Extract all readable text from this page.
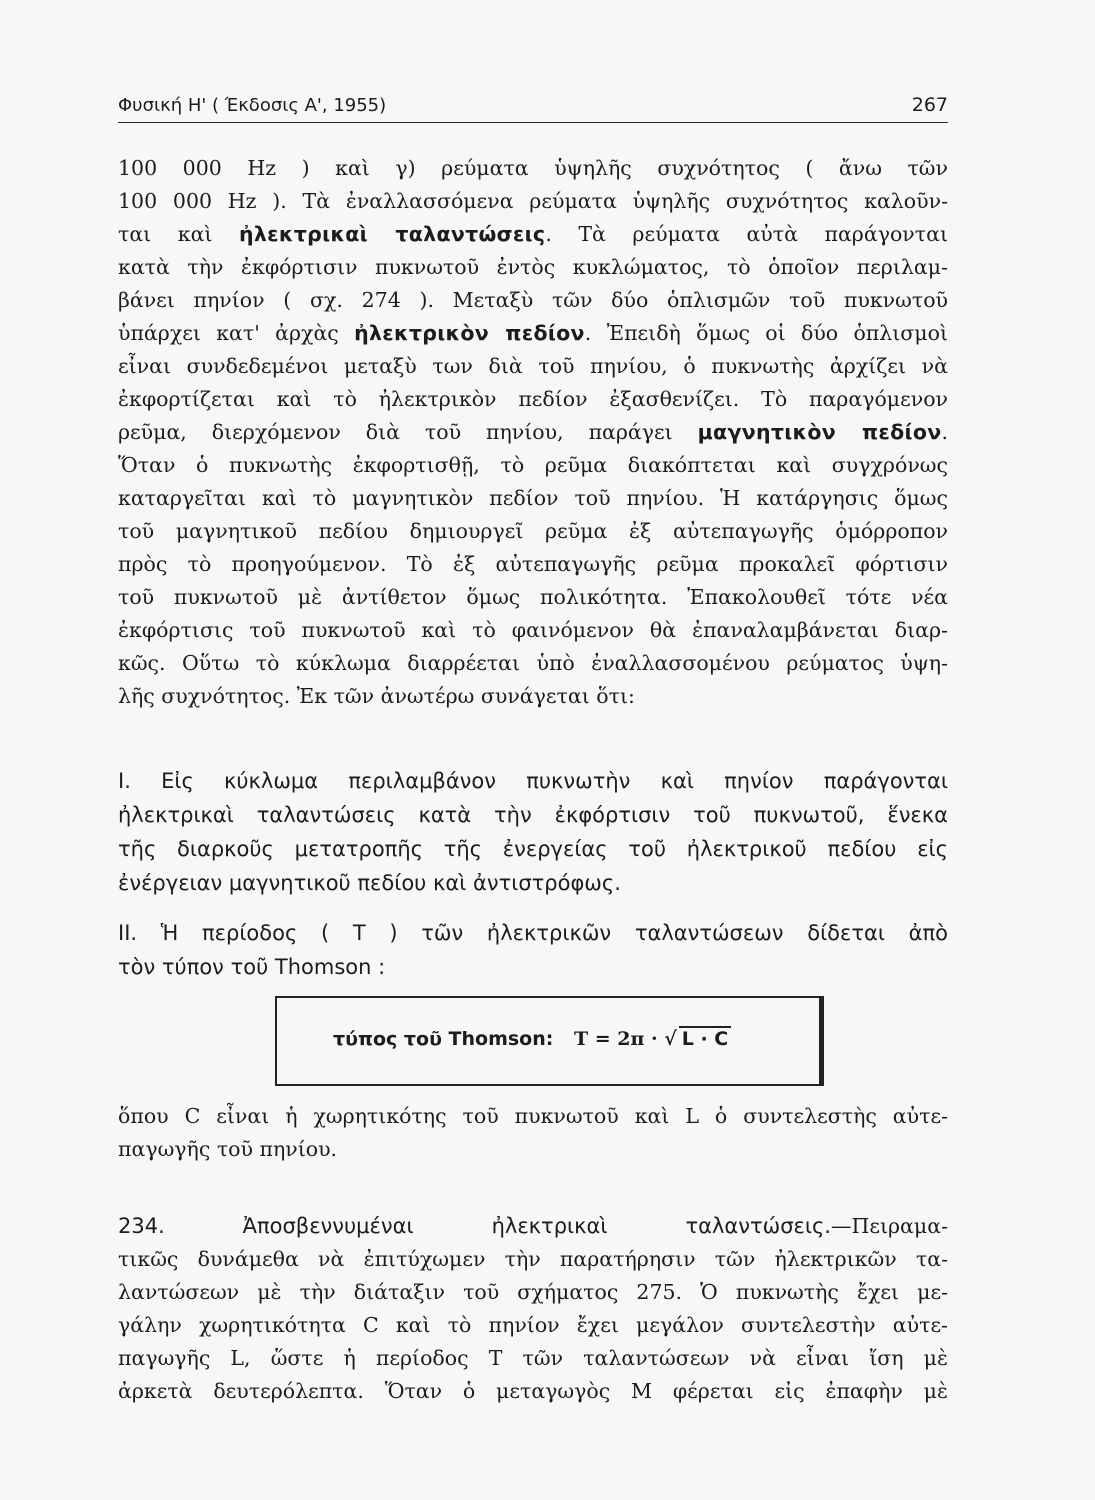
Φυσική Η' ( Έκδοσις Α', 1955)	267
100 000 Hz ) καὶ γ) ρεύματα ὑψηλῆς συχνότητος ( ἄνω τῶν
100 000 Hz ). Τὰ ἐναλλασσόμενα ρεύματα ὑψηλῆς συχνότητος καλοῦν-
ται καὶ ἠλεκτρικαὶ ταλαντώσεις. Τὰ ρεύματα αὐτὰ παράγονται
κατὰ τὴν ἐκφόρτισιν πυκνωτοῦ ἐντὸς κυκλώματος, τὸ ὁποῖον περιλαμ-
βάνει πηνίον ( σχ. 274 ). Μεταξὺ τῶν δύο ὁπλισμῶν τοῦ πυκνωτοῦ
ὑπάρχει κατ' ἀρχὰς ἠλεκτρικὸν πεδίον. Ἐπειδὴ ὅμως οἱ δύο ὁπλισμοὶ
εἶναι συνδεδεμένοι μεταξὺ των διὰ τοῦ πηνίου, ὁ πυκνωτὴς ἀρχίζει νὰ
ἐκφορτίζεται καὶ τὸ ἠλεκτρικὸν πεδίον ἐξασθενίζει. Τὸ παραγόμενον
ρεῦμα, διερχόμενον διὰ τοῦ πηνίου, παράγει μαγνητικὸν πεδίον.
Ὅταν ὁ πυκνωτὴς ἐκφορτισθῇ, τὸ ρεῦμα διακόπτεται καὶ συγχρόνως
καταργεῖται καὶ τὸ μαγνητικὸν πεδίον τοῦ πηνίου. Ἡ κατάργησις ὅμως
τοῦ μαγνητικοῦ πεδίου δημιουργεῖ ρεῦμα ἐξ αὐτεπαγωγῆς ὁμόρροπον
πρὸς τὸ προηγούμενον. Τὸ ἐξ αὐτεπαγωγῆς ρεῦμα προκαλεῖ φόρτισιν
τοῦ πυκνωτοῦ μὲ ἀντίθετον ὅμως πολικότητα. Ἐπακολουθεῖ τότε νέα
ἐκφόρτισις τοῦ πυκνωτοῦ καὶ τὸ φαινόμενον θὰ ἐπαναλαμβάνεται διαρ-
κῶς. Οὕτω τὸ κύκλωμα διαρρέεται ὑπὸ ἐναλλασσομένου ρεύματος ὑψη-
λῆς συχνότητος. Ἐκ τῶν ἀνωτέρω συνάγεται ὅτι:
I. Εἰς κύκλωμα περιλαμβάνον πυκνωτὴν καὶ πηνίον παράγονται
ἠλεκτρικαὶ ταλαντώσεις κατὰ τὴν ἐκφόρτισιν τοῦ πυκνωτοῦ, ἕνεκα
τῆς διαρκοῦς μετατροπῆς τῆς ἐνεργείας τοῦ ἠλεκτρικοῦ πεδίου εἰς
ἐνέργειαν μαγνητικοῦ πεδίου καὶ ἀντιστρόφως.
II. Ἡ περίοδος ( Τ ) τῶν ἠλεκτρικῶν ταλαντώσεων δίδεται ἀπὸ
τὸν τύπον τοῦ Thomson :
τύπος τοῦ Thomson: T = 2π · √ L · C
ὅπου C εἶναι ἡ χωρητικότης τοῦ πυκνωτοῦ καὶ L ὁ συντελεστὴς αὐτε-
παγωγῆς τοῦ πηνίου.
234.	Ἀποσβεννυμέναι ἠλεκτρικαὶ ταλαντώσεις.—Πειραμα-
τικῶς δυνάμεθα νὰ ἐπιτύχωμεν τὴν παρατήρησιν τῶν ἠλεκτρικῶν τα-
λαντώσεων μὲ τὴν διάταξιν τοῦ σχήματος 275. Ὁ πυκνωτὴς ἔχει με-
γάλην χωρητικότητα C καὶ τὸ πηνίον ἔχει μεγάλον συντελεστὴν αὐτε-
παγωγῆς L, ὥστε ἡ περίοδος T τῶν ταλαντώσεων νὰ εἶναι ἴση μὲ
ἀρκετὰ δευτερόλεπτα. Ὅταν ὁ μεταγωγὸς M φέρεται εἰς ἐπαφὴν μὲ
